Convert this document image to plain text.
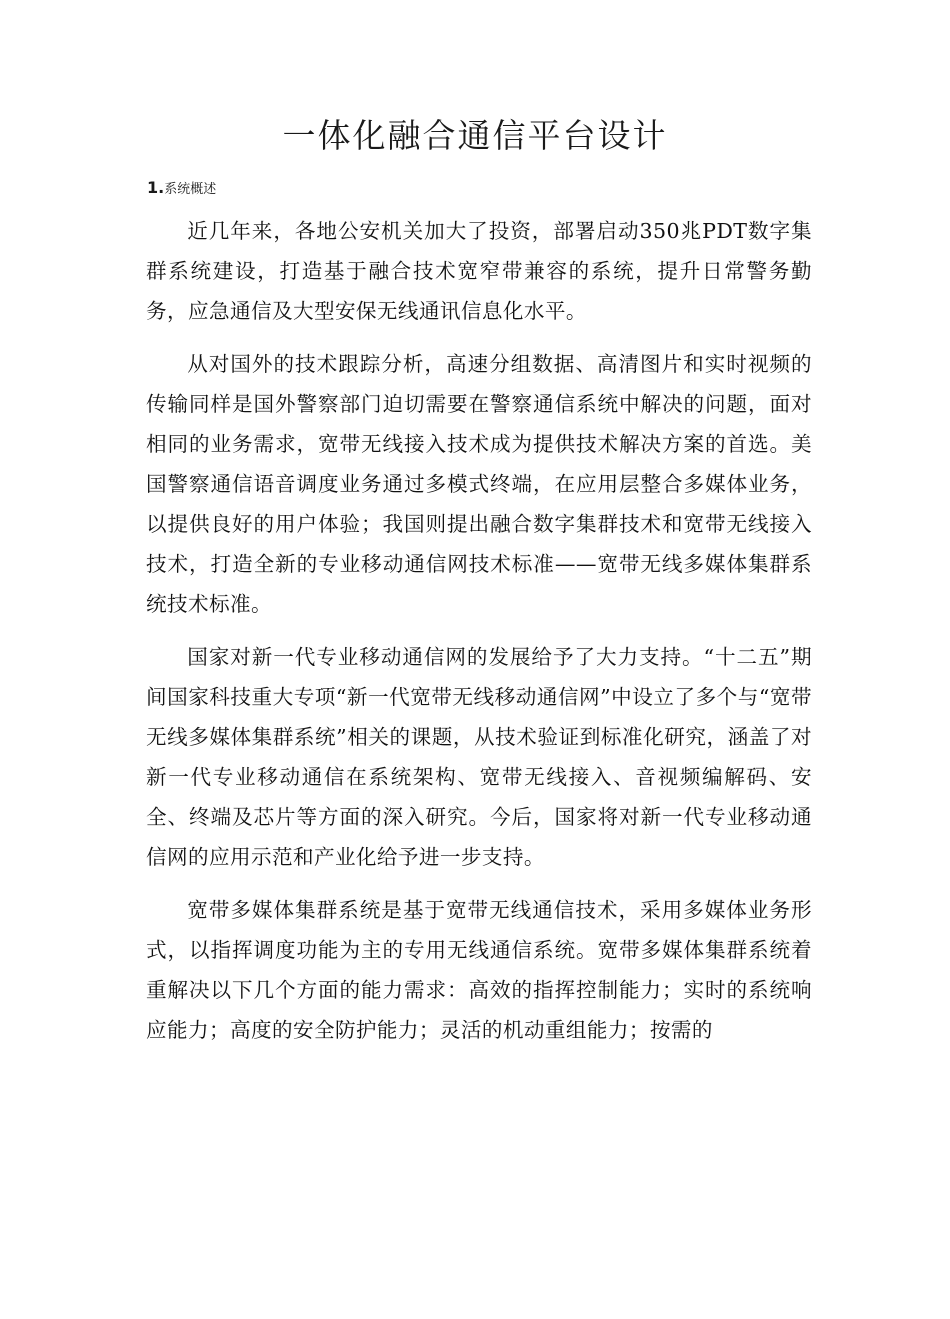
一体化融合通信平台设计
1.系统概述

近几年来，各地公安机关加大了投资，部署启动350兆PDT数字集群系统建设，打造基于融合技术宽窄带兼容的系统，提升日常警务勤务，应急通信及大型安保无线通讯信息化水平。

从对国外的技术跟踪分析，高速分组数据、高清图片和实时视频的传输同样是国外警察部门迫切需要在警察通信系统中解决的问题，面对相同的业务需求，宽带无线接入技术成为提供技术解决方案的首选。美国警察通信语音调度业务通过多模式终端，在应用层整合多媒体业务，以提供良好的用户体验；我国则提出融合数字集群技术和宽带无线接入技术，打造全新的专业移动通信网技术标准——宽带无线多媒体集群系统技术标准。

国家对新一代专业移动通信网的发展给予了大力支持。“十二五”期间国家科技重大专项“新一代宽带无线移动通信网”中设立了多个与“宽带无线多媒体集群系统”相关的课题，从技术验证到标准化研究，涵盖了对新一代专业移动通信在系统架构、宽带无线接入、音视频编解码、安全、终端及芯片等方面的深入研究。今后，国家将对新一代专业移动通信网的应用示范和产业化给予进一步支持。

宽带多媒体集群系统是基于宽带无线通信技术，采用多媒体业务形式，以指挥调度功能为主的专用无线通信系统。宽带多媒体集群系统着重解决以下几个方面的能力需求：高效的指挥控制能力；实时的系统响应能力；高度的安全防护能力；灵活的机动重组能力；按需的
